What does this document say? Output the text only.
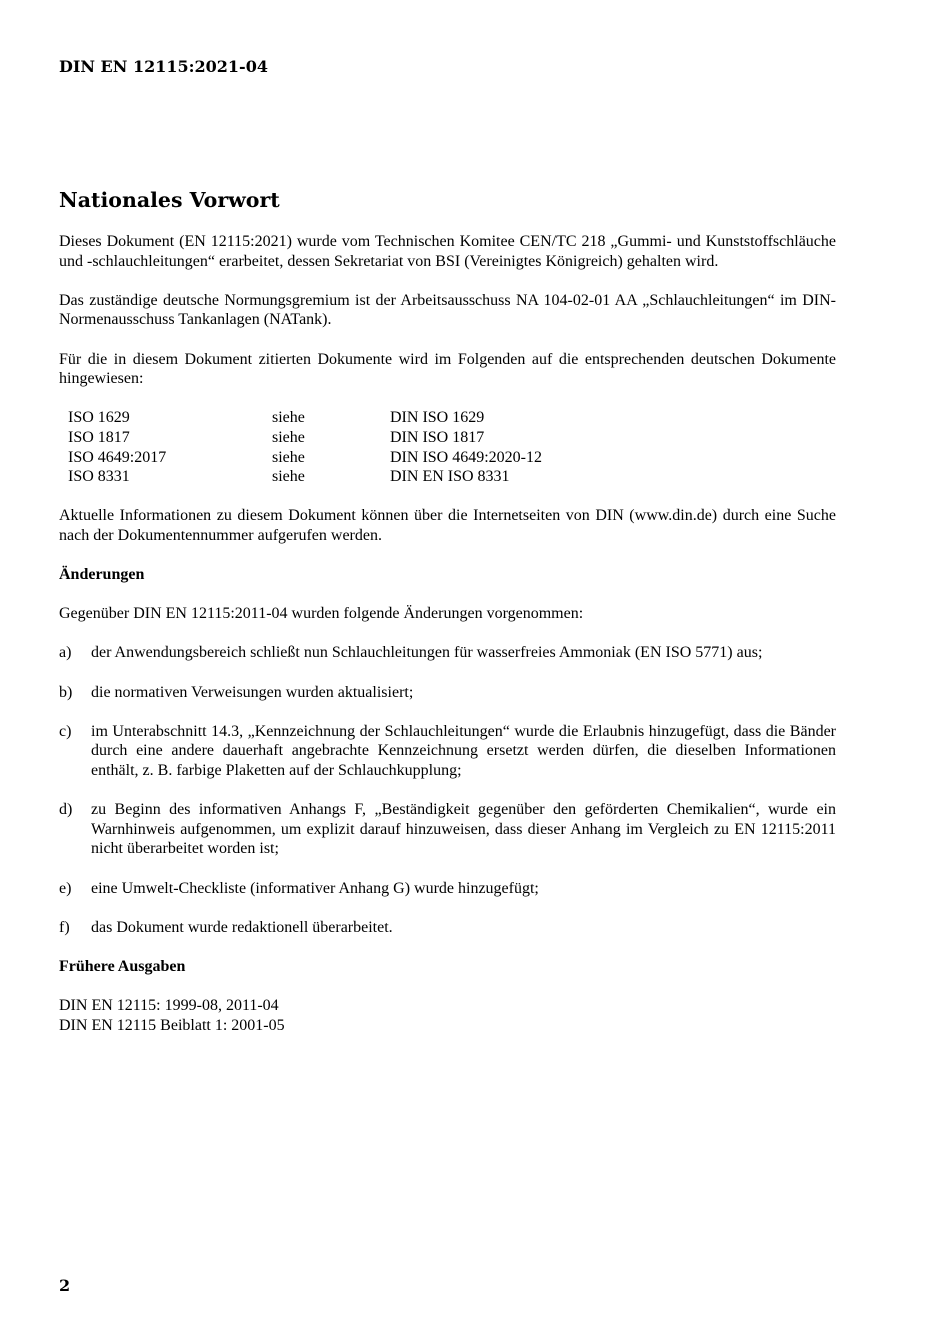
DIN EN 12115:2021-04
Nationales Vorwort

Dieses Dokument (EN 12115:2021) wurde vom Technischen Komitee CEN/TC 218 „Gummi- und Kunststoffschläuche und -schlauchleitungen“ erarbeitet, dessen Sekretariat von BSI (Vereinigtes Königreich) gehalten wird.

Das zuständige deutsche Normungsgremium ist der Arbeitsausschuss NA 104-02-01 AA „Schlauchleitungen“ im DIN-Normenausschuss Tankanlagen (NATank).

Für die in diesem Dokument zitierten Dokumente wird im Folgenden auf die entsprechenden deutschen Dokumente hingewiesen:

ISO 1629	siehe	DIN ISO 1629
ISO 1817	siehe	DIN ISO 1817
ISO 4649:2017	siehe	DIN ISO 4649:2020-12
ISO 8331	siehe	DIN EN ISO 8331

Aktuelle Informationen zu diesem Dokument können über die Internetseiten von DIN (www.din.de) durch eine Suche nach der Dokumentennummer aufgerufen werden.

Änderungen

Gegenüber DIN EN 12115:2011-04 wurden folgende Änderungen vorgenommen:

a)	der Anwendungsbereich schließt nun Schlauchleitungen für wasserfreies Ammoniak (EN ISO 5771) aus;
b)	die normativen Verweisungen wurden aktualisiert;
c)	im Unterabschnitt 14.3, „Kennzeichnung der Schlauchleitungen“ wurde die Erlaubnis hinzugefügt, dass die Bänder durch eine andere dauerhaft angebrachte Kennzeichnung ersetzt werden dürfen, die dieselben Informationen enthält, z. B. farbige Plaketten auf der Schlauchkupplung;
d)	zu Beginn des informativen Anhangs F, „Beständigkeit gegenüber den geförderten Chemikalien“, wurde ein Warnhinweis aufgenommen, um explizit darauf hinzuweisen, dass dieser Anhang im Vergleich zu EN 12115:2011 nicht überarbeitet worden ist;
e)	eine Umwelt-Checkliste (informativer Anhang G) wurde hinzugefügt;
f)	das Dokument wurde redaktionell überarbeitet.
Frühere Ausgaben
DIN EN 12115: 1999-08, 2011-04
DIN EN 12115 Beiblatt 1: 2001-05
2
